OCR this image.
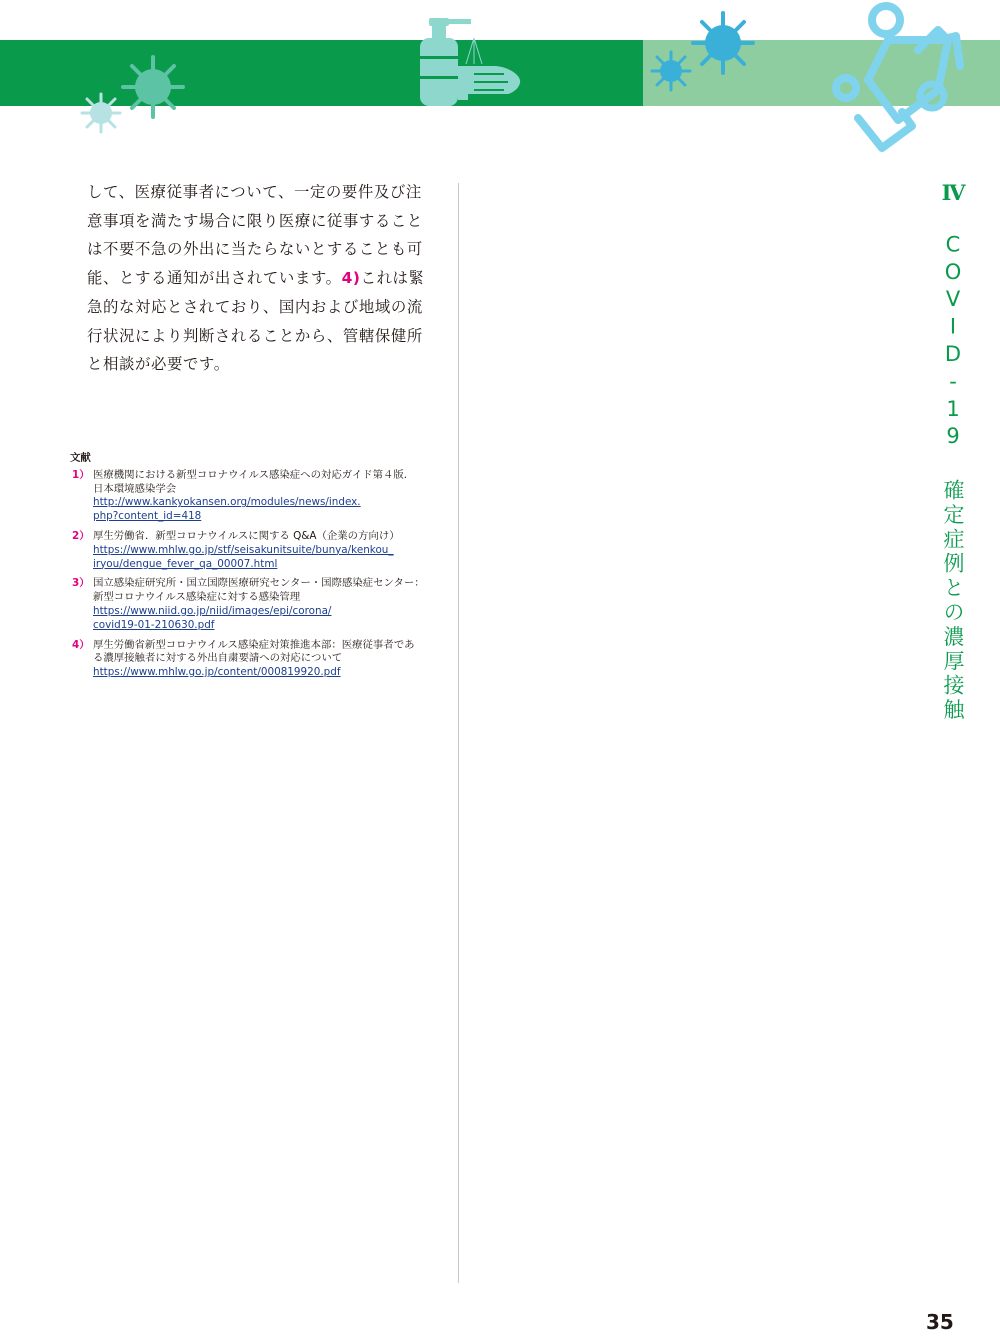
して、医療従事者について、一定の要件及び注意事項を満たす場合に限り医療に従事することは不要不急の外出に当たらないとすることも可能、とする通知が出されています。4)これは緊急的な対応とされており、国内および地域の流行状況により判断されることから、管轄保健所と相談が必要です。

文献
1） 医療機関における新型コロナウイルス感染症への対応ガイド第４版.
日本環境感染学会
http://www.kankyokansen.org/modules/news/index.
php?content_id=418
2） 厚生労働省．新型コロナウイルスに関する Q&A（企業の方向け）
https://www.mhlw.go.jp/stf/seisakunitsuite/bunya/kenkou_
iryou/dengue_fever_qa_00007.html
3） 国立感染症研究所・国立国際医療研究センター・国際感染症センター：
新型コロナウイルス感染症に対する感染管理
https://www.niid.go.jp/niid/images/epi/corona/
covid19-01-210630.pdf
4） 厚生労働省新型コロナウイルス感染症対策推進本部：医療従事者であ
る濃厚接触者に対する外出自粛要請への対応について
https://www.mhlw.go.jp/content/000819920.pdf
Ⅳ COVID-19 確定症例との濃厚接触
35
